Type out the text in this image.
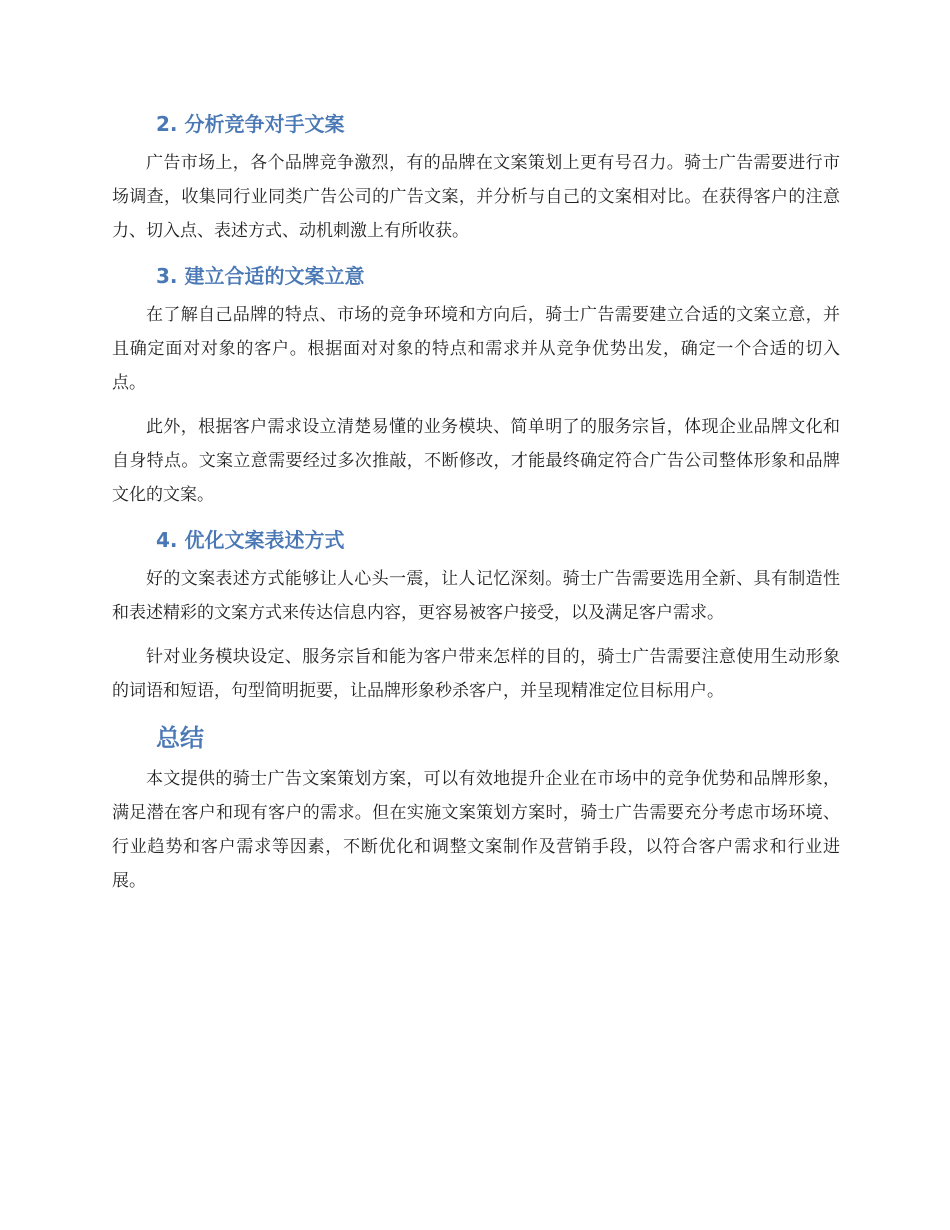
2. 分析竞争对手文案

广告市场上，各个品牌竞争激烈，有的品牌在文案策划上更有号召力。骑士广告需要进行市场调查，收集同行业同类广告公司的广告文案，并分析与自己的文案相对比。在获得客户的注意力、切入点、表述方式、动机刺激上有所收获。

3. 建立合适的文案立意

在了解自己品牌的特点、市场的竞争环境和方向后，骑士广告需要建立合适的文案立意，并且确定面对对象的客户。根据面对对象的特点和需求并从竞争优势出发，确定一个合适的切入点。

此外，根据客户需求设立清楚易懂的业务模块、简单明了的服务宗旨，体现企业品牌文化和自身特点。文案立意需要经过多次推敲，不断修改，才能最终确定符合广告公司整体形象和品牌文化的文案。

4. 优化文案表述方式

好的文案表述方式能够让人心头一震，让人记忆深刻。骑士广告需要选用全新、具有制造性和表述精彩的文案方式来传达信息内容，更容易被客户接受，以及满足客户需求。

针对业务模块设定、服务宗旨和能为客户带来怎样的目的，骑士广告需要注意使用生动形象的词语和短语，句型简明扼要，让品牌形象秒杀客户，并呈现精准定位目标用户。

总结

本文提供的骑士广告文案策划方案，可以有效地提升企业在市场中的竞争优势和品牌形象，满足潜在客户和现有客户的需求。但在实施文案策划方案时，骑士广告需要充分考虑市场环境、行业趋势和客户需求等因素，不断优化和调整文案制作及营销手段，以符合客户需求和行业进展。
